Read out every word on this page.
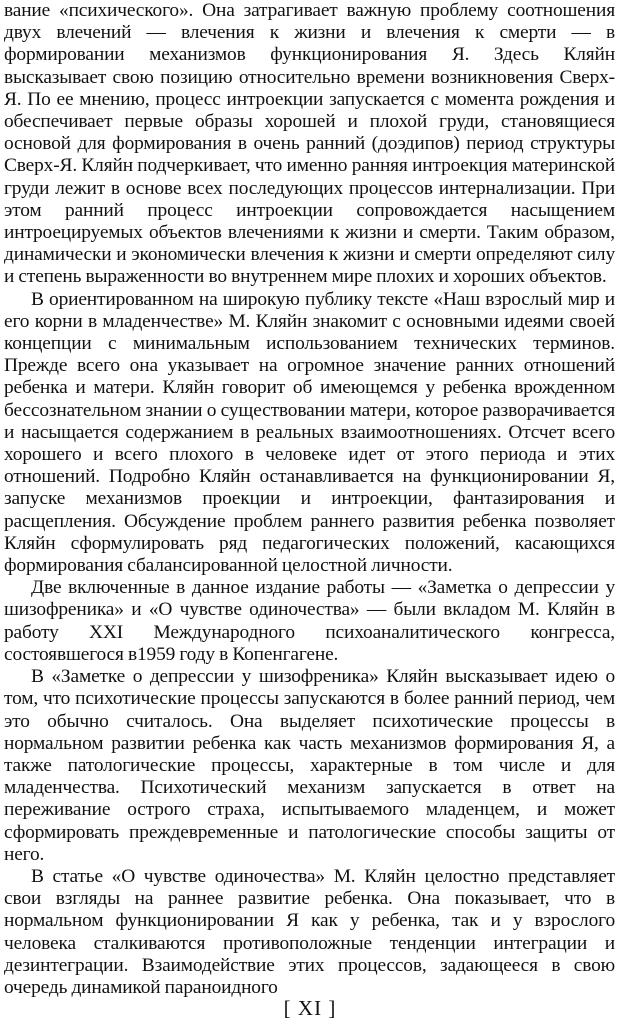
вание «психического». Она затрагивает важную проблему соотношения двух влечений — влечения к жизни и влечения к смерти — в формировании механизмов функционирования Я. Здесь Кляйн высказывает свою позицию относительно времени возникновения Сверх-Я. По ее мнению, процесс интроекции запускается с момента рождения и обеспечивает первые образы хорошей и плохой груди, становящиеся основой для формирования в очень ранний (доэдипов) период структуры Сверх-Я. Кляйн подчеркивает, что именно ранняя интроекция материнской груди лежит в основе всех последующих процессов интернализации. При этом ранний процесс интроекции сопровождается насыщением интроецируемых объектов влечениями к жизни и смерти. Таким образом, динамически и экономически влечения к жизни и смерти определяют силу и степень выраженности во внутреннем мире плохих и хороших объектов.

В ориентированном на широкую публику тексте «Наш взрослый мир и его корни в младенчестве» М. Кляйн знакомит с основными идеями своей концепции с минимальным использованием технических терминов. Прежде всего она указывает на огромное значение ранних отношений ребенка и матери. Кляйн говорит об имеющемся у ребенка врожденном бессознательном знании о существовании матери, которое разворачивается и насыщается содержанием в реальных взаимоотношениях. Отсчет всего хорошего и всего плохого в человеке идет от этого периода и этих отношений. Подробно Кляйн останавливается на функционировании Я, запуске механизмов проекции и интроекции, фантазирования и расщепления. Обсуждение проблем раннего развития ребенка позволяет Кляйн сформулировать ряд педагогических положений, касающихся формирования сбалансированной целостной личности.

Две включенные в данное издание работы — «Заметка о депрессии у шизофреника» и «О чувстве одиночества» — были вкладом М. Кляйн в работу XXI Международного психоаналитического конгресса, состоявшегося в1959 году в Копенгагене.

В «Заметке о депрессии у шизофреника» Кляйн высказывает идею о том, что психотические процессы запускаются в более ранний период, чем это обычно считалось. Она выделяет психотические процессы в нормальном развитии ребенка как часть механизмов формирования Я, а также патологические процессы, характерные в том числе и для младенчества. Психотический механизм запускается в ответ на переживание острого страха, испытываемого младенцем, и может сформировать преждевременные и патологические способы защиты от него.

В статье «О чувстве одиночества» М. Кляйн целостно представляет свои взгляды на раннее развитие ребенка. Она показывает, что в нормальном функционировании Я как у ребенка, так и у взрослого человека сталкиваются противоположные тенденции интеграции и дезинтеграции. Взаимодействие этих процессов, задающееся в свою очередь динамикой параноидного

[ XI ]
